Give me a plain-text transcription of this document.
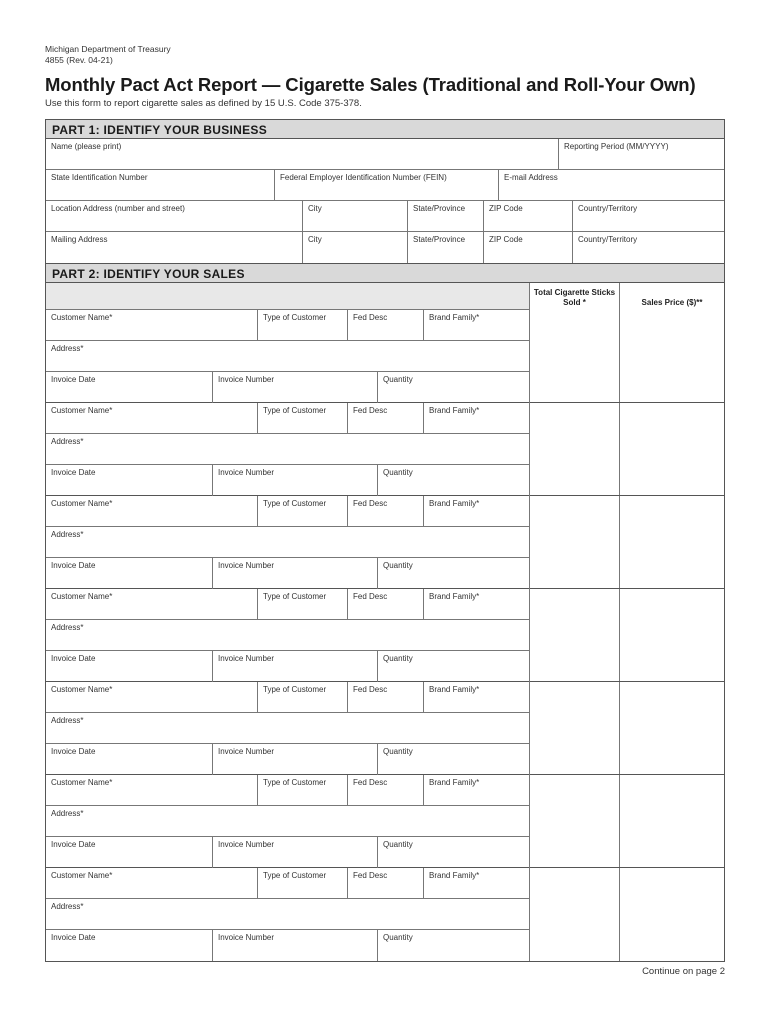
Michigan Department of Treasury
4855 (Rev. 04-21)
Monthly Pact Act Report — Cigarette Sales (Traditional and Roll-Your Own)
Use this form to report cigarette sales as defined by 15 U.S. Code 375-378.
PART 1: IDENTIFY YOUR BUSINESS
Name (please print)	Reporting Period (MM/YYYY)
State Identification Number	Federal Employer Identification Number (FEIN)	E-mail Address
Location Address (number and street)	City	State/Province	ZIP Code	Country/Territory
Mailing Address	City	State/Province	ZIP Code	Country/Territory
PART 2: IDENTIFY YOUR SALES
Total Cigarette Sticks Sold *	Sales Price ($)**
Customer Name*	Type of Customer	Fed Desc	Brand Family*
Address*
Invoice Date	Invoice Number	Quantity
Customer Name*	Type of Customer	Fed Desc	Brand Family*
Address*
Invoice Date	Invoice Number	Quantity
Customer Name*	Type of Customer	Fed Desc	Brand Family*
Address*
Invoice Date	Invoice Number	Quantity
Customer Name*	Type of Customer	Fed Desc	Brand Family*
Address*
Invoice Date	Invoice Number	Quantity
Customer Name*	Type of Customer	Fed Desc	Brand Family*
Address*
Invoice Date	Invoice Number	Quantity
Customer Name*	Type of Customer	Fed Desc	Brand Family*
Address*
Invoice Date	Invoice Number	Quantity
Customer Name*	Type of Customer	Fed Desc	Brand Family*
Address*
Invoice Date	Invoice Number	Quantity
Continue on page 2
